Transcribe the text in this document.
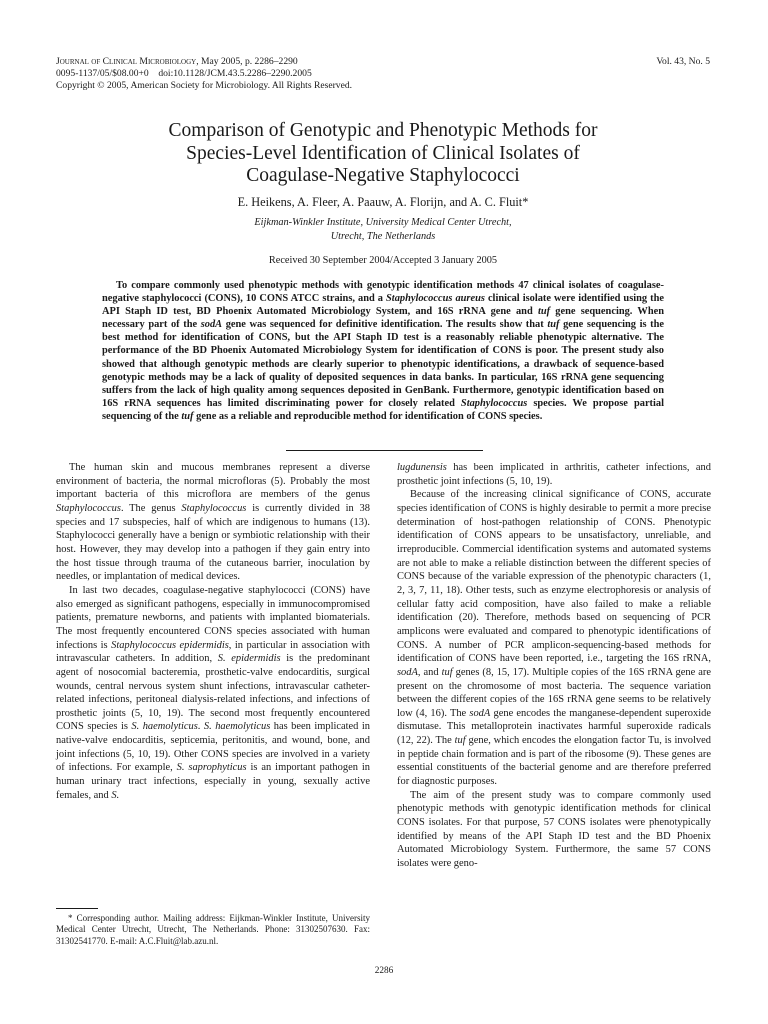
Journal of Clinical Microbiology, May 2005, p. 2286–2290
0095-1137/05/$08.00+0    doi:10.1128/JCM.43.5.2286–2290.2005
Copyright © 2005, American Society for Microbiology. All Rights Reserved.
Vol. 43, No. 5
Comparison of Genotypic and Phenotypic Methods for
Species-Level Identification of Clinical Isolates of
Coagulase-Negative Staphylococci
E. Heikens, A. Fleer, A. Paauw, A. Florijn, and A. C. Fluit*
Eijkman-Winkler Institute, University Medical Center Utrecht,
Utrecht, The Netherlands
Received 30 September 2004/Accepted 3 January 2005
To compare commonly used phenotypic methods with genotypic identification methods 47 clinical isolates of coagulase-negative staphylococci (CONS), 10 CONS ATCC strains, and a Staphylococcus aureus clinical isolate were identified using the API Staph ID test, BD Phoenix Automated Microbiology System, and 16S rRNA gene and tuf gene sequencing. When necessary part of the sodA gene was sequenced for definitive identification. The results show that tuf gene sequencing is the best method for identification of CONS, but the API Staph ID test is a reasonably reliable phenotypic alternative. The performance of the BD Phoenix Automated Microbiology System for identification of CONS is poor. The present study also showed that although genotypic methods are clearly superior to phenotypic identifications, a drawback of sequence-based genotypic methods may be a lack of quality of deposited sequences in data banks. In particular, 16S rRNA gene sequencing suffers from the lack of high quality among sequences deposited in GenBank. Furthermore, genotypic identification based on 16S rRNA sequences has limited discriminating power for closely related Staphylococcus species. We propose partial sequencing of the tuf gene as a reliable and reproducible method for identification of CONS species.

The human skin and mucous membranes represent a diverse environment of bacteria, the normal microfloras (5). Probably the most important bacteria of this microflora are members of the genus Staphylococcus. The genus Staphylococcus is currently divided in 38 species and 17 subspecies, half of which are indigenous to humans (13). Staphylococci generally have a benign or symbiotic relationship with their host. However, they may develop into a pathogen if they gain entry into the host tissue through trauma of the cutaneous barrier, inoculation by needles, or implantation of medical devices.

In last two decades, coagulase-negative staphylococci (CONS) have also emerged as significant pathogens, especially in immunocompromised patients, premature newborns, and patients with implanted biomaterials. The most frequently encountered CONS species associated with human infections is Staphylococcus epidermidis, in particular in association with intravascular catheters. In addition, S. epidermidis is the predominant agent of nosocomial bacteremia, prosthetic-valve endocarditis, surgical wounds, central nervous system shunt infections, intravascular catheter-related infections, peritoneal dialysis-related infections, and infections of prosthetic joints (5, 10, 19). The second most frequently encountered CONS species is S. haemolyticus. S. haemolyticus has been implicated in native-valve endocarditis, septicemia, peritonitis, and wound, bone, and joint infections (5, 10, 19). Other CONS species are involved in a variety of infections. For example, S. saprophyticus is an important pathogen in human urinary tract infections, especially in young, sexually active females, and S.

* Corresponding author. Mailing address: Eijkman-Winkler Institute, University Medical Center Utrecht, Utrecht, The Netherlands. Phone: 31302507630. Fax: 31302541770. E-mail: A.C.Fluit@lab.azu.nl.

lugdunensis has been implicated in arthritis, catheter infections, and prosthetic joint infections (5, 10, 19).

Because of the increasing clinical significance of CONS, accurate species identification of CONS is highly desirable to permit a more precise determination of host-pathogen relationship of CONS. Phenotypic identification of CONS appears to be unsatisfactory, unreliable, and irreproducible. Commercial identification systems and automated systems are not able to make a reliable distinction between the different species of CONS because of the variable expression of the phenotypic characters (1, 2, 3, 7, 11, 18). Other tests, such as enzyme electrophoresis or analysis of cellular fatty acid composition, have also failed to make a reliable identification (20). Therefore, methods based on sequencing of PCR amplicons were evaluated and compared to phenotypic identifications of CONS. A number of PCR amplicon-sequencing-based methods for identification of CONS have been reported, i.e., targeting the 16S rRNA, sodA, and tuf genes (8, 15, 17). Multiple copies of the 16S rRNA gene are present on the chromosome of most bacteria. The sequence variation between the different copies of the 16S rRNA gene seems to be relatively low (4, 16). The sodA gene encodes the manganese-dependent superoxide dismutase. This metalloprotein inactivates harmful superoxide radicals (12, 22). The tuf gene, which encodes the elongation factor Tu, is involved in peptide chain formation and is part of the ribosome (9). These genes are essential constituents of the bacterial genome and are therefore preferred for diagnostic purposes.

The aim of the present study was to compare commonly used phenotypic methods with genotypic identification methods for clinical CONS isolates. For that purpose, 57 CONS isolates were phenotypically identified by means of the API Staph ID test and the BD Phoenix Automated Microbiology System. Furthermore, the same 57 CONS isolates were geno-

2286
